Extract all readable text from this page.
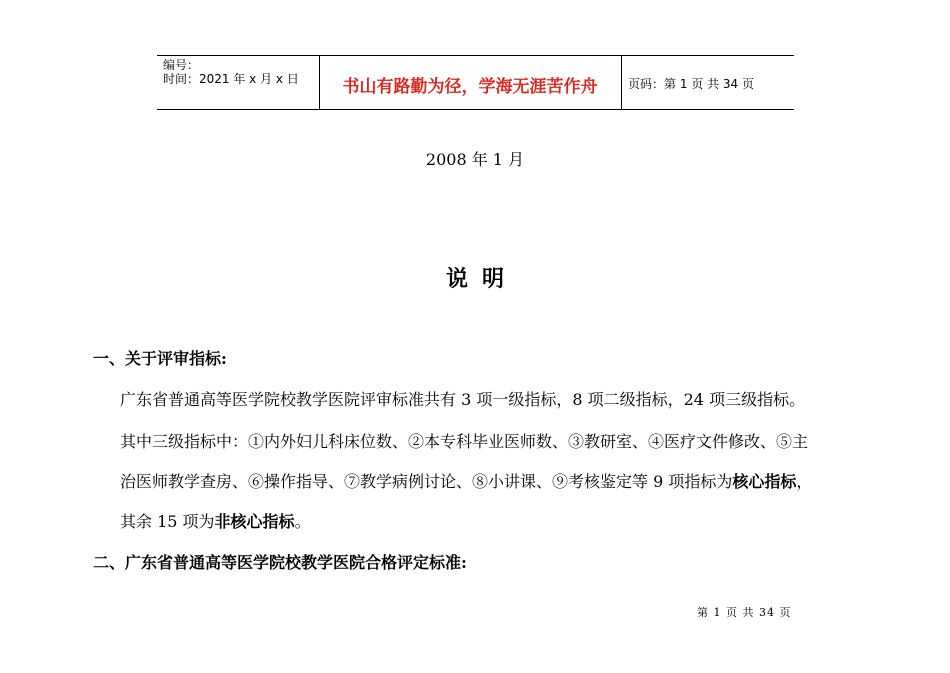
编号：
时间：2021 年 x 月 x 日	书山有路勤为径，学海无涯苦作舟	页码：第 1 页 共 34 页
2008 年 1 月
说明
一、关于评审指标:
广东省普通高等医学院校教学医院评审标准共有 3 项一级指标，8 项二级指标，24 项三级指标。
其中三级指标中：①内外妇儿科床位数、②本专科毕业医师数、③教研室、④医疗文件修改、⑤主
治医师教学查房、⑥操作指导、⑦教学病例讨论、⑧小讲课、⑨考核鉴定等 9 项指标为核心指标，
其余 15 项为非核心指标。
二、广东省普通高等医学院校教学医院合格评定标准:
第 1 页 共 34 页
